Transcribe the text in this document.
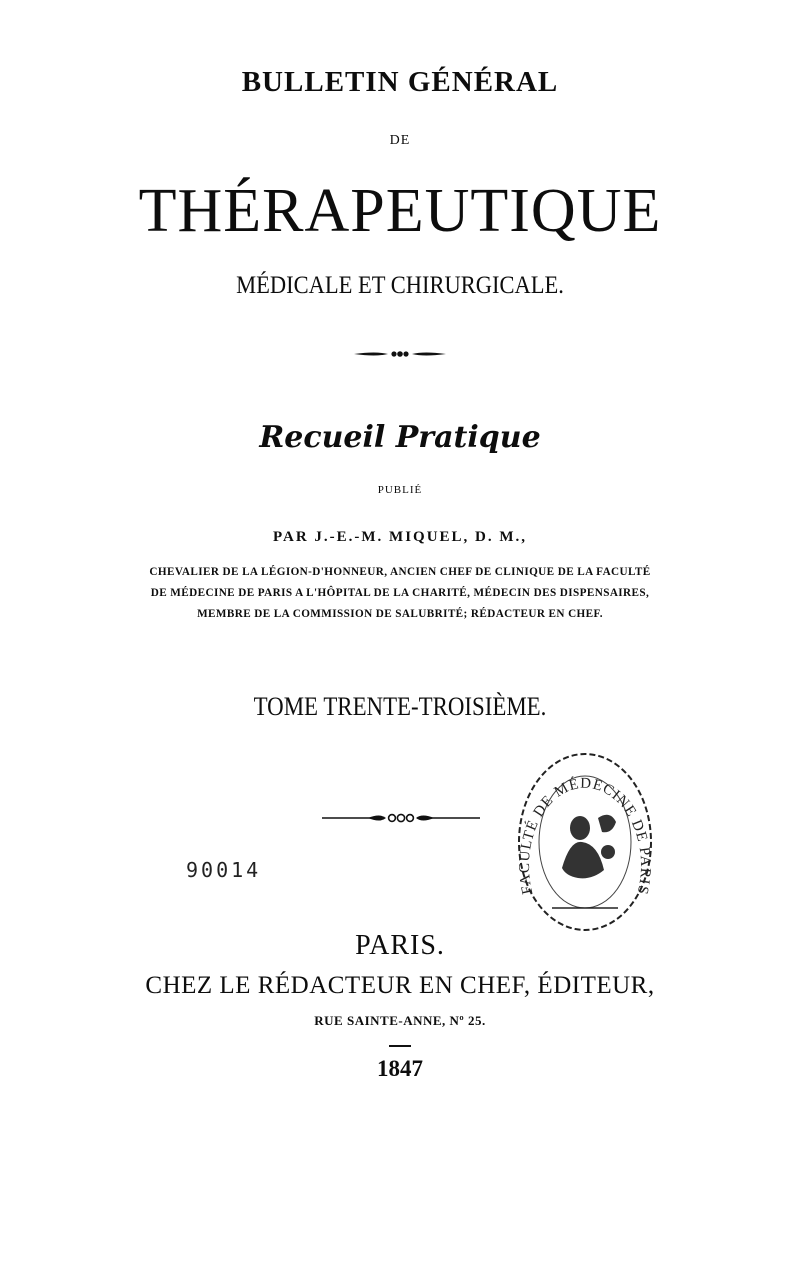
BULLETIN GÉNÉRAL
DE
THÉRAPEUTIQUE
MÉDICALE ET CHIRURGICALE.
Recueil Pratique
PUBLIÉ
PAR J.-E.-M. MIQUEL, D. M.,
CHEVALIER DE LA LÉGION-D'HONNEUR, ANCIEN CHEF DE CLINIQUE DE LA FACULTÉ
DE MÉDECINE DE PARIS A L'HÔPITAL DE LA CHARITÉ, MÉDECIN DES DISPENSAIRES,
MEMBRE DE LA COMMISSION DE SALUBRITÉ; RÉDACTEUR EN CHEF.
TOME TRENTE-TROISIÈME.
90014
FACULTÉ DE MÉDECINE DE PARIS
PARIS.
CHEZ LE RÉDACTEUR EN CHEF, ÉDITEUR,
RUE SAINTE-ANNE, Nº 25.
1847
